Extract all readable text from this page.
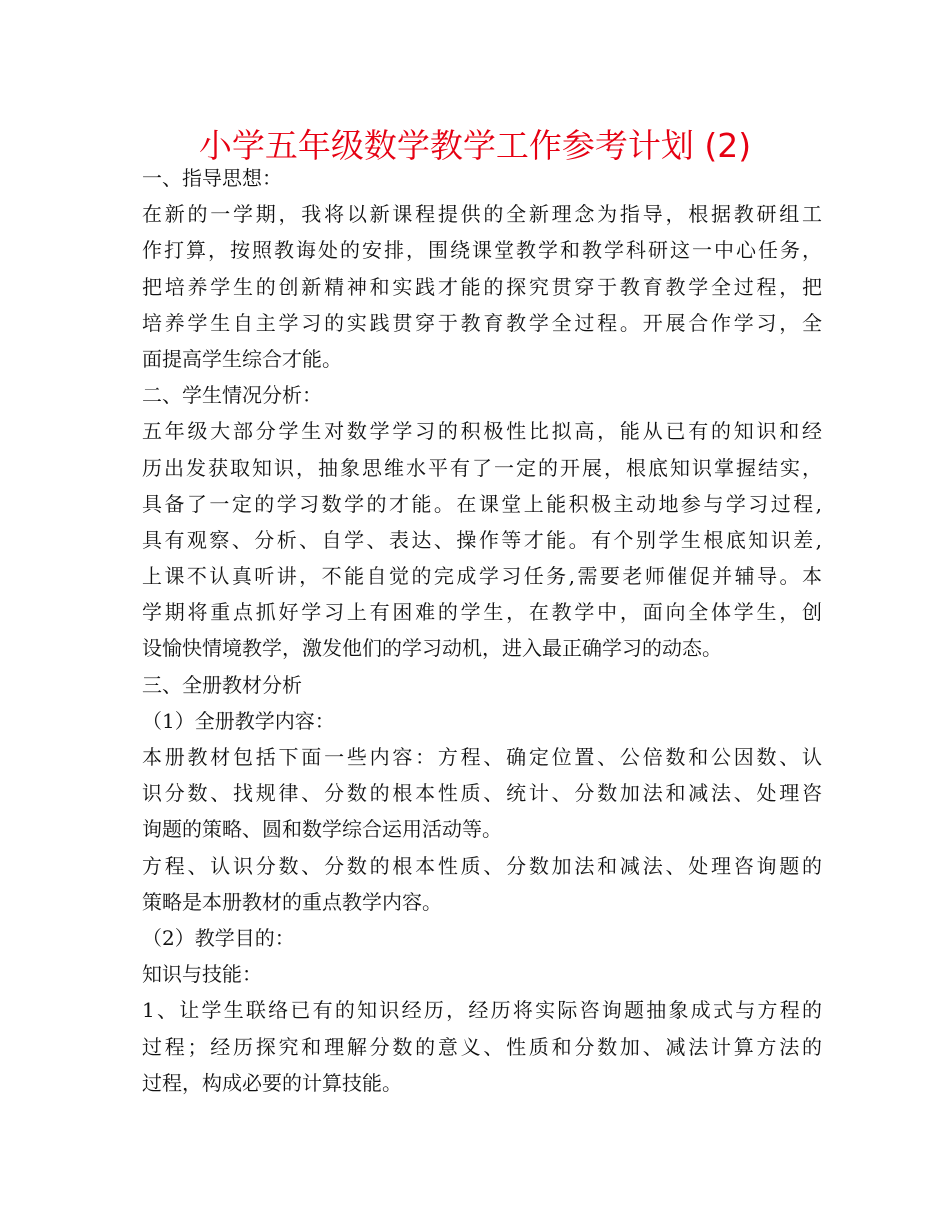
小学五年级数学教学工作参考计划 (2)
一、指导思想：
在新的一学期，我将以新课程提供的全新理念为指导，根据教研组工
作打算，按照教诲处的安排，围绕课堂教学和教学科研这一中心任务，
把培养学生的创新精神和实践才能的探究贯穿于教育教学全过程，把
培养学生自主学习的实践贯穿于教育教学全过程。开展合作学习，全
面提高学生综合才能。
二、学生情况分析：
五年级大部分学生对数学学习的积极性比拟高，能从已有的知识和经
历出发获取知识，抽象思维水平有了一定的开展，根底知识掌握结实，
具备了一定的学习数学的才能。在课堂上能积极主动地参与学习过程,
具有观察、分析、自学、表达、操作等才能。有个别学生根底知识差,
上课不认真听讲，不能自觉的完成学习任务,需要老师催促并辅导。本
学期将重点抓好学习上有困难的学生，在教学中，面向全体学生，创
设愉快情境教学，激发他们的学习动机，进入最正确学习的动态。
三、全册教材分析
（1）全册教学内容：
本册教材包括下面一些内容：方程、确定位置、公倍数和公因数、认
识分数、找规律、分数的根本性质、统计、分数加法和减法、处理咨
询题的策略、圆和数学综合运用活动等。
方程、认识分数、分数的根本性质、分数加法和减法、处理咨询题的
策略是本册教材的重点教学内容。
（2）教学目的：
知识与技能：
1、让学生联络已有的知识经历，经历将实际咨询题抽象成式与方程的
过程；经历探究和理解分数的意义、性质和分数加、减法计算方法的
过程，构成必要的计算技能。
